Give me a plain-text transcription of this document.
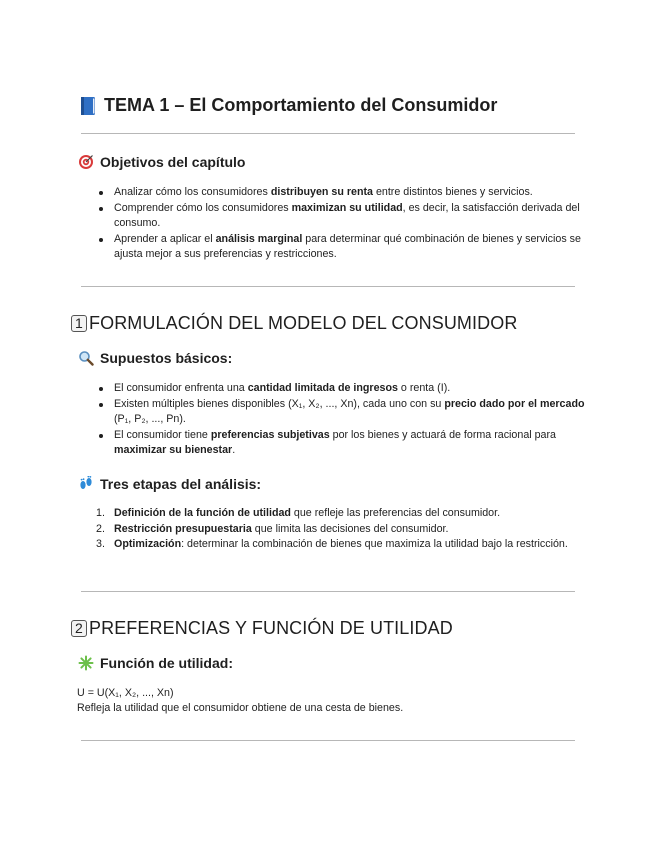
TEMA 1 – El Comportamiento del Consumidor
Objetivos del capítulo
Analizar cómo los consumidores distribuyen su renta entre distintos bienes y servicios.
Comprender cómo los consumidores maximizan su utilidad, es decir, la satisfacción derivada del consumo.
Aprender a aplicar el análisis marginal para determinar qué combinación de bienes y servicios se ajusta mejor a sus preferencias y restricciones.
1 FORMULACIÓN DEL MODELO DEL CONSUMIDOR
Supuestos básicos:
El consumidor enfrenta una cantidad limitada de ingresos o renta (I).
Existen múltiples bienes disponibles (X₁, X₂, ..., Xn), cada uno con su precio dado por el mercado (P₁, P₂, ..., Pn).
El consumidor tiene preferencias subjetivas por los bienes y actuará de forma racional para maximizar su bienestar.
Tres etapas del análisis:
1. Definición de la función de utilidad que refleje las preferencias del consumidor.
2. Restricción presupuestaria que limita las decisiones del consumidor.
3. Optimización: determinar la combinación de bienes que maximiza la utilidad bajo la restricción.
2 PREFERENCIAS Y FUNCIÓN DE UTILIDAD
Función de utilidad:
U = U(X₁, X₂, ..., Xn)
Refleja la utilidad que el consumidor obtiene de una cesta de bienes.
